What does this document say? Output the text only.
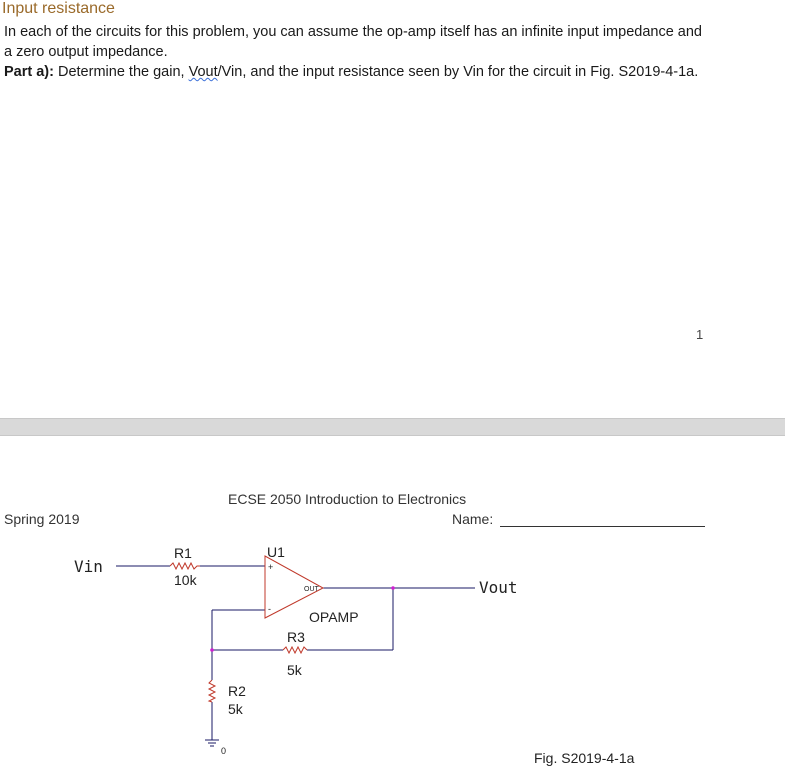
Input resistance
In each of the circuits for this problem, you can assume the op-amp itself has an infinite input impedance and a zero output impedance.
Part a): Determine the gain, Vout/Vin, and the input resistance seen by Vin for the circuit in Fig. S2019-4-1a.
1
ECSE 2050 Introduction to Electronics
Spring 2019	Name:
Vin
Vout
R1
10k
U1
+
-
OUT
OPAMP
R3
5k
R2
5k
0	Fig. S2019-4-1a
